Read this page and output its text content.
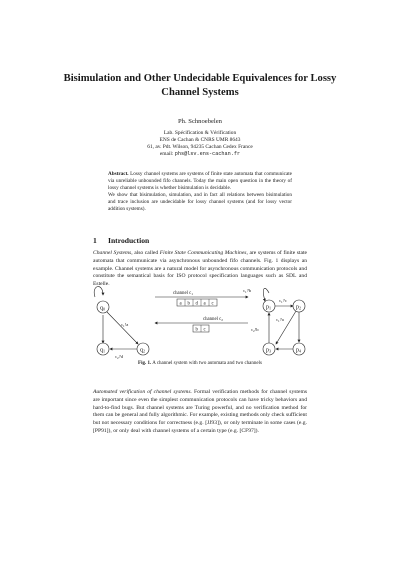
Bisimulation and Other Undecidable Equivalences for Lossy Channel Systems
Ph. Schnoebelen
Lab. Spécification & Vérification
ENS de Cachan & CNRS UMR 8643
61, av. Pdt. Wilson, 94235 Cachan Cedex France
email: phs@lsv.ens-cachan.fr
Abstract. Lossy channel systems are systems of finite state automata that communicate via unreliable unbounded fifo channels. Today the main open question in the theory of lossy channel systems is whether bisimulation is decidable.
We show that bisimulation, simulation, and in fact all relations between bisimulation and trace inclusion are undecidable for lossy channel systems (and for lossy vector addition systems).
1 Introduction
Channel Systems, also called Finite State Communicating Machines, are systems of finite state automata that communicate via asynchronous unbounded fifo channels. Fig. 1 displays an example. Channel systems are a natural model for asynchronous communication protocols and constitute the semantical basis for ISO protocol specification languages such as SDL and Estelle.
q0
q1	q2
$c_1!a$
$c_2?d$
channel $c_1$
a b d a c
channel $c_2$
b c
p1	p2
p3	p4
$c_1?b$
$c_1?c$
$c_1?a$
$c_2!b$
Fig. 1. A channel system with two automata and two channels
Automated verification of channel systems. Formal verification methods for channel systems are important since even the simplest communication protocols can have tricky behaviors and hard-to-find bugs. But channel systems are Turing powerful, and no verification method for them can be general and fully algorithmic. For example, existing methods only check sufficient but not necessary conditions for correctness (e.g. [JJ93]), or only terminate in some cases (e.g. [PP91]), or only deal with channel systems of a certain type (e.g. [CF97]).
